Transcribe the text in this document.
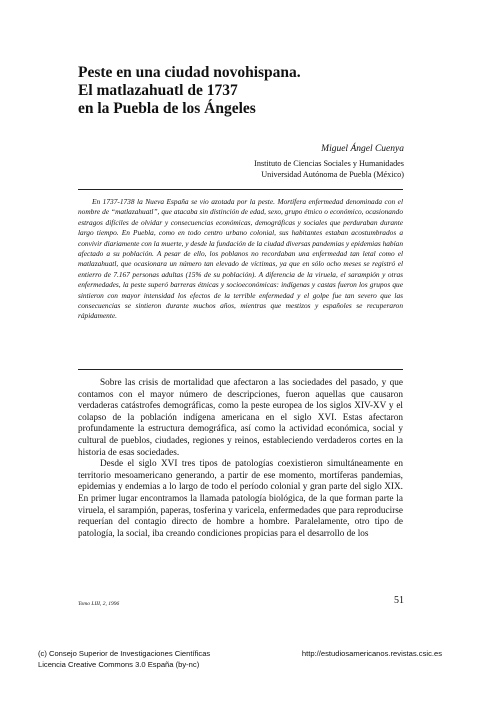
Peste en una ciudad novohispana.
El matlazahuatl de 1737
en la Puebla de los Ángeles
Miguel Ángel Cuenya
Instituto de Ciencias Sociales y Humanidades
Universidad Autónoma de Puebla (México)
En 1737-1738 la Nueva España se vio azotada por la peste. Mortífera enfermedad denominada con el nombre de “matlazahuatl”, que atacaba sin distinción de edad, sexo, grupo étnico o económico, ocasionando estragos difíciles de olvidar y consecuencias económicas, demográficas y sociales que perduraban durante largo tiempo. En Puebla, como en todo centro urbano colonial, sus habitantes estaban acostumbrados a convivir diariamente con la muerte, y desde la fundación de la ciudad diversas pandemias y epidemias habían afectado a su población. A pesar de ello, los poblanos no recordaban una enfermedad tan letal como el matlazahuatl, que ocasionara un número tan elevado de víctimas, ya que en sólo ocho meses se registró el entierro de 7.167 personas adultas (15% de su población). A diferencia de la viruela, el sarampión y otras enfermedades, la peste superó barreras étnicas y socioeconómicas: indígenas y castas fueron los grupos que sintieron con mayor intensidad los efectos de la terrible enfermedad y el golpe fue tan severo que las consecuencias se sintieron durante muchos años, mientras que mestizos y españoles se recuperaron rápidamente.

Sobre las crisis de mortalidad que afectaron a las sociedades del pasado, y que contamos con el mayor número de descripciones, fueron aquellas que causaron verdaderas catástrofes demográficas, como la peste europea de los siglos XIV-XV y el colapso de la población indígena americana en el siglo XVI. Estas afectaron profundamente la estructura demográfica, así como la actividad económica, social y cultural de pueblos, ciudades, regiones y reinos, estableciendo verdaderos cortes en la historia de esas sociedades.

Desde el siglo XVI tres tipos de patologías coexistieron simultáneamente en territorio mesoamericano generando, a partir de ese momento, mortíferas pandemias, epidemias y endemias a lo largo de todo el período colonial y gran parte del siglo XIX. En primer lugar encontramos la llamada patología biológica, de la que forman parte la viruela, el sarampión, paperas, tosferina y varicela, enfermedades que para reproducirse requerían del contagio directo de hombre a hombre. Paralelamente, otro tipo de patología, la social, iba creando condiciones propicias para el desarrollo de los

Tomo LIII, 2, 1996	51
(c) Consejo Superior de Investigaciones Científicas
Licencia Creative Commons 3.0 España (by-nc)
http://estudiosamericanos.revistas.csic.es
